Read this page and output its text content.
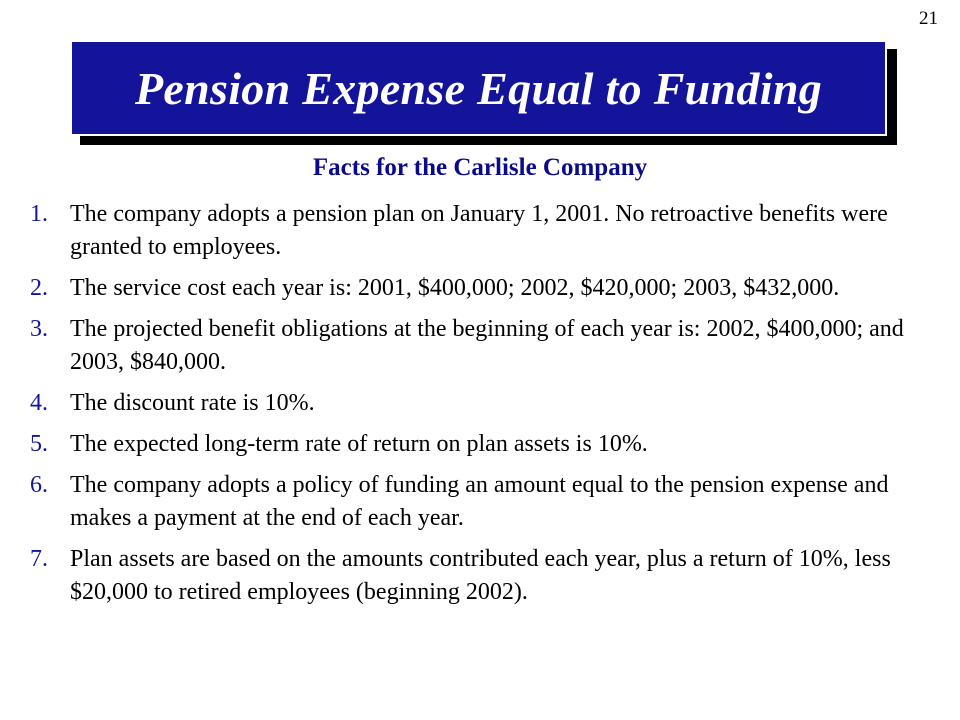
21
Pension Expense Equal to Funding
Facts for the Carlisle Company
1. The company adopts a pension plan on January 1, 2001. No retroactive benefits were granted to employees.
2. The service cost each year is: 2001, $400,000; 2002, $420,000; 2003, $432,000.
3. The projected benefit obligations at the beginning of each year is: 2002, $400,000; and 2003, $840,000.
4. The discount rate is 10%.
5. The expected long-term rate of return on plan assets is 10%.
6. The company adopts a policy of funding an amount equal to the pension expense and makes a payment at the end of each year.
7. Plan assets are based on the amounts contributed each year, plus a return of 10%, less $20,000 to retired employees (beginning 2002).
